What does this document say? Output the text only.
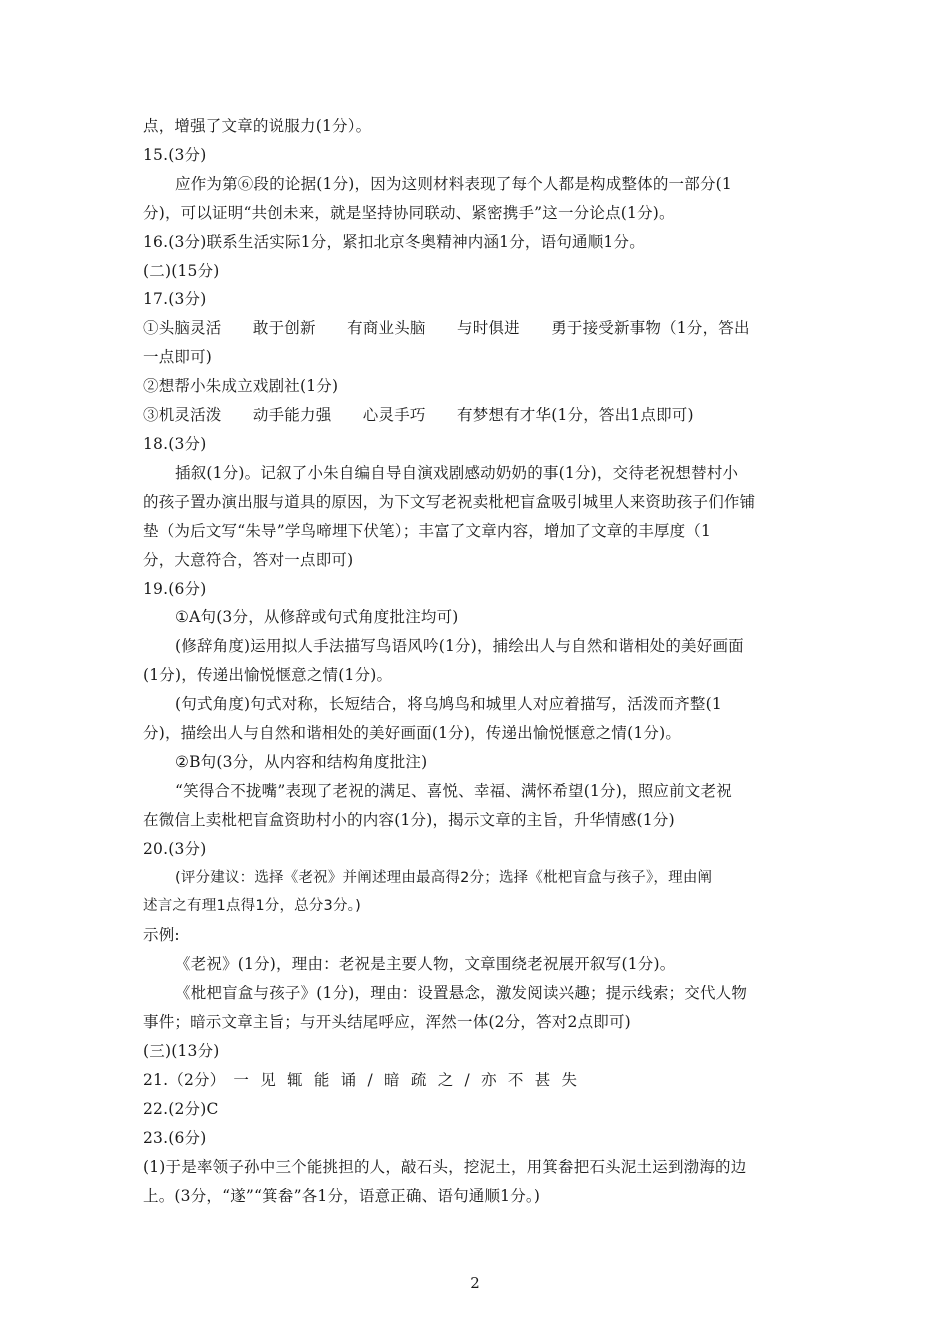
点，增强了文章的说服力(1分）。
15.(3分)
应作为第⑥段的论据(1分)，因为这则材料表现了每个人都是构成整体的一部分(1
分)，可以证明“共创未来，就是坚持协同联动、紧密携手”这一分论点(1分)。
16.(3分)联系生活实际1分，紧扣北京冬奥精神内涵1分，语句通顺1分。
(二)(15分)
17.(3分)
①头脑灵活　　敢于创新　　有商业头脑　　与时俱进　　勇于接受新事物（1分，答出
一点即可)
②想帮小朱成立戏剧社(1分)
③机灵活泼　　动手能力强　　心灵手巧　　有梦想有才华(1分，答出1点即可)
18.(3分)
插叙(1分)。记叙了小朱自编自导自演戏剧感动奶奶的事(1分)，交待老祝想替村小
的孩子置办演出服与道具的原因，为下文写老祝卖枇杷盲盒吸引城里人来资助孩子们作铺
垫（为后文写“朱导”学鸟啼埋下伏笔）；丰富了文章内容，增加了文章的丰厚度（1
分，大意符合，答对一点即可)
19.(6分)
①A句(3分，从修辞或句式角度批注均可)
(修辞角度)运用拟人手法描写鸟语风吟(1分)，捕绘出人与自然和谐相处的美好画面
(1分)，传递出愉悦惬意之情(1分)。
(句式角度)句式对称，长短结合，将乌鸠鸟和城里人对应着描写，活泼而齐整(1
分)，描绘出人与自然和谐相处的美好画面(1分)，传递出愉悦惬意之情(1分)。
②B句(3分，从内容和结构角度批注)
“笑得合不拢嘴”表现了老祝的满足、喜悦、幸福、满怀希望(1分)，照应前文老祝
在微信上卖枇杷盲盒资助村小的内容(1分)，揭示文章的主旨，升华情感(1分)
20.(3分)
(评分建议：选择《老祝》并阐述理由最高得2分；选择《枇杷盲盒与孩子》，理由阐
述言之有理1点得1分，总分3分。)
示例:
《老祝》(1分)，理由：老祝是主要人物，文章围绕老祝展开叙写(1分)。
《枇杷盲盒与孩子》(1分)，理由：设置悬念，激发阅读兴趣；提示线索；交代人物
事件；暗示文章主旨；与开头结尾呼应，浑然一体(2分，答对2点即可)
(三)(13分)
21.（2分）　一 见 辄 能 诵 / 暗 疏 之 / 亦 不 甚 失
22.(2分)C
23.(6分)
(1)于是率领子孙中三个能挑担的人，敲石头，挖泥土，用箕畚把石头泥土运到渤海的边
上。(3分，“遂”“箕畚”各1分，语意正确、语句通顺1分。)
2
